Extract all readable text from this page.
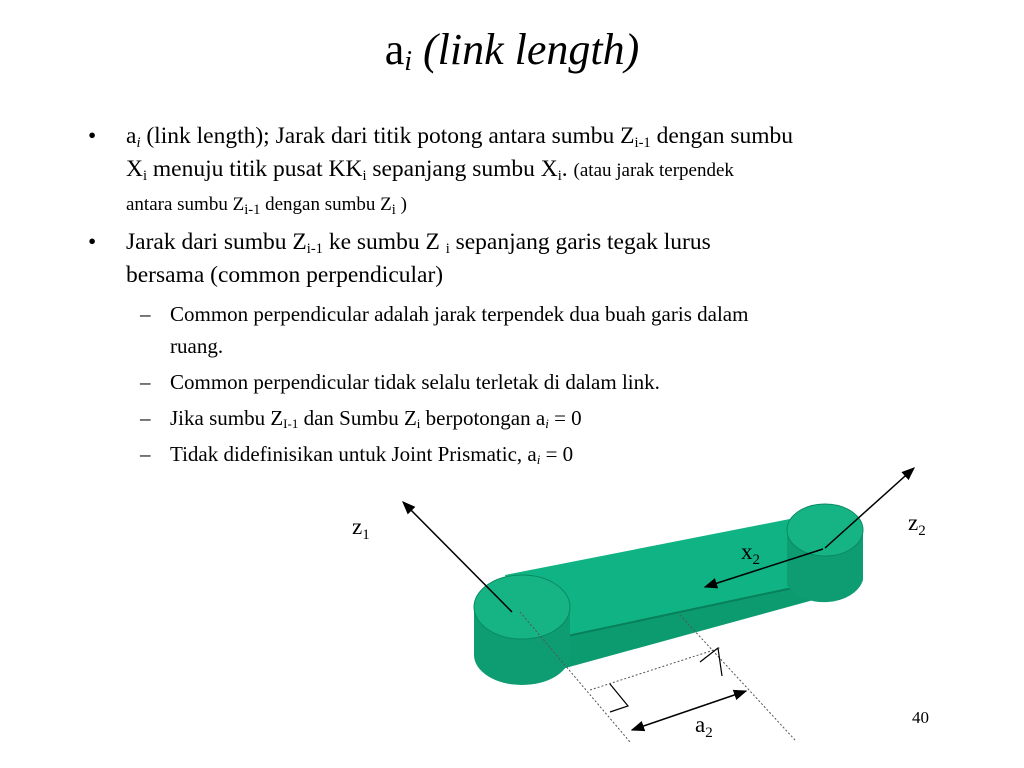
$a_i$ (link length)
• $a_i$ (link length); Jarak dari titik potong antara sumbu $Z_{i-1}$ dengan sumbu
$X_i$ menuju titik pusat $KK_i$ sepanjang sumbu $X_i$. (atau jarak terpendek
antara sumbu $Z_{i-1}$ dengan sumbu $Z_i$ )
• Jarak dari sumbu $Z_{i-1}$ ke sumbu Z $_i$ sepanjang garis tegak lurus
bersama (common perpendicular)
– Common perpendicular adalah jarak terpendek dua buah garis dalam
ruang.
– Common perpendicular tidak selalu terletak di dalam link.
– Jika sumbu $Z_{I-1}$ dan Sumbu $Z_i$ berpotongan $a_i = 0$
– Tidak didefinisikan untuk Joint Prismatic, $a_i = 0$
$z_1$	$z_2$
$x_2$
$a_2$
40
